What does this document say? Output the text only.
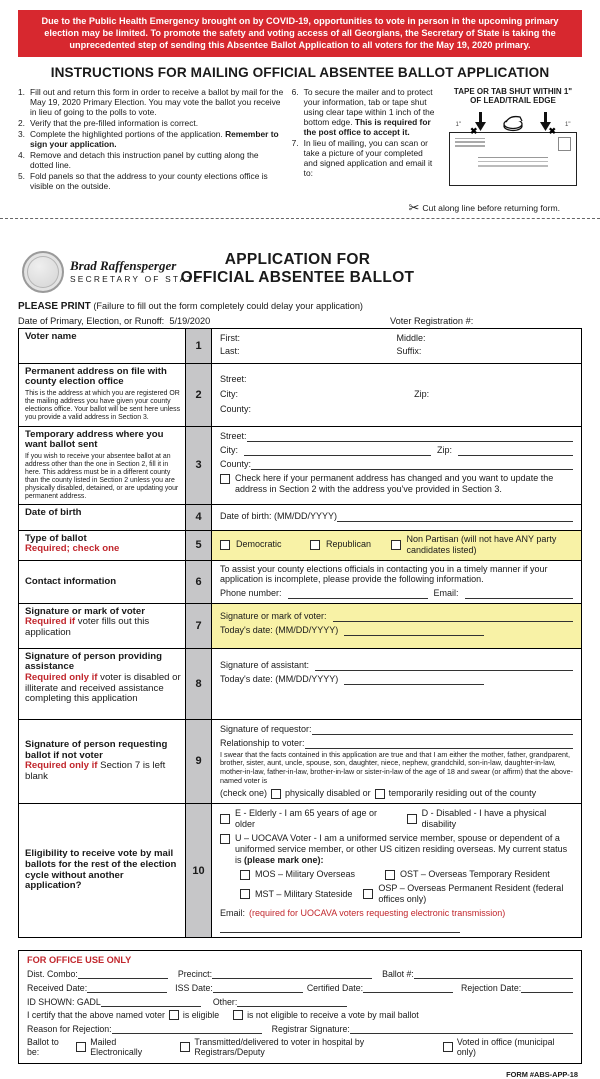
Due to the Public Health Emergency brought on by COVID-19, opportunities to vote in person in the upcoming primary election may be limited. To promote the safety and voting access of all Georgians, the Secretary of State is taking the unprecedented step of sending this Absentee Ballot Application to all voters for the May 19, 2020 primary.
INSTRUCTIONS FOR MAILING OFFICIAL ABSENTEE BALLOT APPLICATION
1. Fill out and return this form in order to receive a ballot by mail for the May 19, 2020 Primary Election. You may vote the ballot you receive in lieu of going to the polls to vote.
2. Verify that the pre-filled information is correct.
3. Complete the highlighted portions of the application. Remember to sign your application.
4. Remove and detach this instruction panel by cutting along the dotted line.
5. Fold panels so that the address to your county elections office is visible on the outside.
6. To secure the mailer and to protect your information, tab or tape shut using clear tape within 1 inch of the bottom edge. This is required for the post office to accept it.
7. In lieu of mailing, you can scan or take a picture of your completed and signed application and email it to:
TAPE OR TAB SHUT WITHIN 1"
OF LEAD/TRAIL EDGE
1"	1"
✖	✖
✂ Cut along line before returning form.
Brad Raffensperger
SECRETARY OF STATE
APPLICATION FOR
OFFICIAL ABSENTEE BALLOT
PLEASE PRINT (Failure to fill out the form completely could delay your application)
Date of Primary, Election, or Runoff: 5/19/2020	Voter Registration #:
Voter name
1
First:	Middle:
Last:	Suffix:
Permanent address on file with county election office
This is the address at which you are registered OR the mailing address you have given your county elections office. Your ballot will be sent here unless you provide a valid address in Section 3.
2
Street:
City:	Zip:
County:
Temporary address where you want ballot sent
If you wish to receive your absentee ballot at an address other than the one in Section 2, fill it in here. This address must be in a different county than the county listed in Section 2 unless you are physically disabled, detained, or are updating your permanent address.
3
Street:
City:	Zip:
County:
Check here if your permanent address has changed and you want to update the address in Section 2 with the address you've provided in Section 3.
Date of birth	4	Date of birth: (MM/DD/YYYY)
Type of ballot
Required; check one	5	Democratic	Republican
Non Partisan (will not have ANY party candidates listed)
Contact information	6
To assist your county elections officials in contacting you in a timely manner if your application is incomplete, please provide the following information.
Phone number:	Email:
Signature or mark of voter
Required if voter fills out this application
7
Signature or mark of voter:
Today's date: (MM/DD/YYYY)
Signature of person providing assistance
Required only if voter is disabled or illiterate and received assistance completing this application
8
Signature of assistant:
Today's date: (MM/DD/YYYY)
Signature of person requesting ballot if not voter
Required only if Section 7 is left blank
9
Signature of requestor:
Relationship to voter:
I swear that the facts contained in this application are true and that I am either the mother, father, grandparent, brother, sister, aunt, uncle, spouse, son, daughter, niece, nephew, grandchild, son-in-law, daughter-in-law, mother-in-law, father-in-law, brother-in-law or sister-in-law of the age of 18 and swear (or affirm) that the above-named voter is
(check one) physically disabled or temporarily residing out of the county
Eligibility to receive vote by mail ballots for the rest of the election cycle without another application?
10
E - Elderly - I am 65 years of age or older
D - Disabled - I have a physical disability
U – UOCAVA Voter - I am a uniformed service member, spouse or dependent of a uniformed service member, or other US citizen residing overseas. My current status is (please mark one):
MOS – Military Overseas	OST – Overseas Temporary Resident
MST – Military Stateside
OSP – Overseas Permanent Resident (federal offices only)
Email: (required for UOCAVA voters requesting electronic transmission)
FOR OFFICE USE ONLY
Dist. Combo:	Precinct:	Ballot #:
Received Date:	ISS Date:	Certified Date:	Rejection Date:
ID SHOWN: GADL	Other:
I certify that the above named voter is eligible	is not eligible to receive a vote by mail ballot
Reason for Rejection:	Registrar Signature:
Ballot to be:
Mailed Electronically
Transmitted/delivered to voter in hospital by Registrars/Deputy
Voted in office (municipal only)
FORM #ABS-APP-18
